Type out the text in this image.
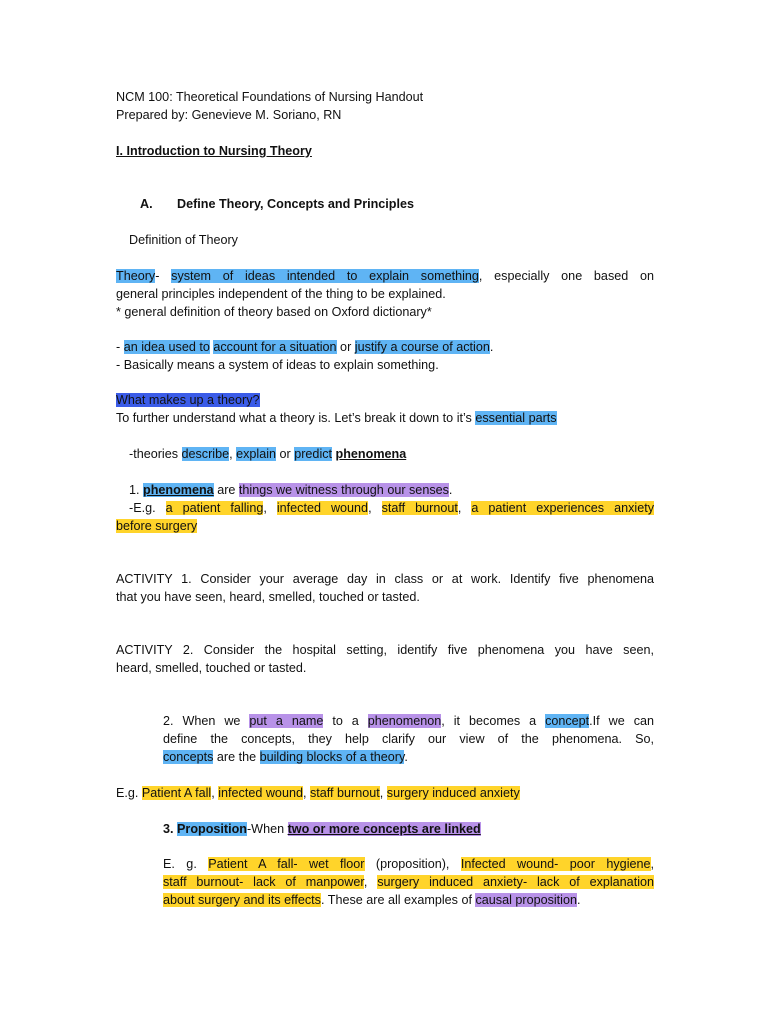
NCM 100: Theoretical Foundations of Nursing Handout
Prepared by: Genevieve M. Soriano, RN
I. Introduction to Nursing Theory
A. Define Theory, Concepts and Principles
Definition of Theory
Theory- system of ideas intended to explain something, especially one based on
general principles independent of the thing to be explained.
* general definition of theory based on Oxford dictionary*
- an idea used to account for a situation or justify a course of action.
- Basically means a system of ideas to explain something.
What makes up a theory?
To further understand what a theory is. Let’s break it down to it’s essential parts
-theories describe, explain or predict phenomena
1. phenomena are things we witness through our senses.
-E.g. a patient falling, infected wound, staff burnout, a patient experiences anxiety
before surgery
ACTIVITY 1. Consider your average day in class or at work. Identify five phenomena
that you have seen, heard, smelled, touched or tasted.
ACTIVITY 2. Consider the hospital setting, identify five phenomena you have seen,
heard, smelled, touched or tasted.
2. When we put a name to a phenomenon, it becomes a concept.If we can
define the concepts, they help clarify our view of the phenomena. So,
concepts are the building blocks of a theory.
E.g. Patient A fall, infected wound, staff burnout, surgery induced anxiety
3. Proposition-When two or more concepts are linked
E. g. Patient A fall- wet floor (proposition), Infected wound- poor hygiene,
staff burnout- lack of manpower, surgery induced anxiety- lack of explanation
about surgery and its effects. These are all examples of causal proposition.
